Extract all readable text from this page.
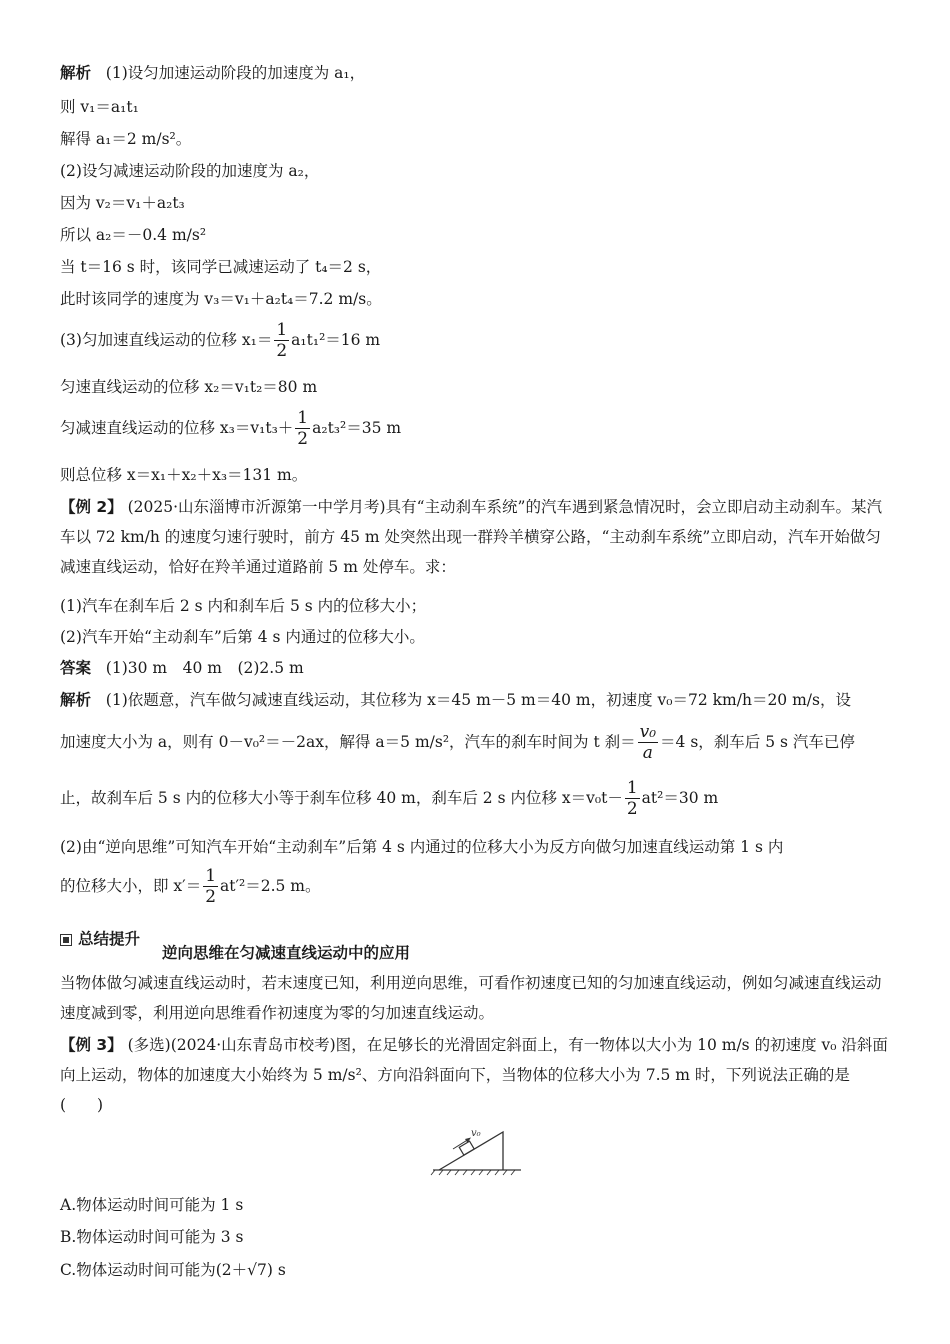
解析 (1)设匀加速运动阶段的加速度为 a₁，
则 v₁＝a₁t₁
解得 a₁＝2 m/s²。
(2)设匀减速运动阶段的加速度为 a₂，
因为 v₂＝v₁＋a₂t₃
所以 a₂＝－0.4 m/s²
当 t＝16 s 时，该同学已减速运动了 t₄＝2 s，
此时该同学的速度为 v₃＝v₁＋a₂t₄＝7.2 m/s。
(3)匀加速直线运动的位移 $x_1= \frac{1}{2} a_1t_1^2=16$ m
匀速直线运动的位移 x₂＝v₁t₂＝80 m
匀减速直线运动的位移 $x_3=v_1t_3+ \frac{1}{2} a_2t_3^2=35$ m
则总位移 x＝x₁＋x₂＋x₃＝131 m。
【例 2】 (2025·山东淄博市沂源第一中学月考)具有“主动刹车系统”的汽车遇到紧急情况时，会立即启动主动刹车。某汽车以 72 km/h 的速度匀速行驶时，前方 45 m 处突然出现一群羚羊横穿公路，“主动刹车系统”立即启动，汽车开始做匀减速直线运动，恰好在羚羊通过道路前 5 m 处停车。求：
(1)汽车在刹车后 2 s 内和刹车后 5 s 内的位移大小；
(2)汽车开始“主动刹车”后第 4 s 内通过的位移大小。
答案 (1)30 m　40 m　(2)2.5 m
解析 (1)依题意，汽车做匀减速直线运动，其位移为 x＝45 m－5 m＝40 m，初速度 v₀＝72 km/h＝20 m/s，设
加速度大小为 a，则有 0－v₀²＝－2ax，解得 a＝5 m/s²，汽车的刹车时间为 t 刹＝ $\frac{\text{v₀}}{a} =4$ s，刹车后 5 s 汽车已停
止，故刹车后 5 s 内的位移大小等于刹车位移 40 m，刹车后 2 s 内位移 $x=v_0t- \frac{1}{2} at^2=30$ m
(2)由“逆向思维”可知汽车开始“主动刹车”后第 4 s 内通过的位移大小为反方向做匀加速直线运动第 1 s 内
的位移大小，即 $x'= \frac{1}{2} at'^2=2.5$ m。
总结提升
逆向思维在匀减速直线运动中的应用
当物体做匀减速直线运动时，若末速度已知，利用逆向思维，可看作初速度已知的匀加速直线运动，例如匀减速直线运动速度减到零，利用逆向思维看作初速度为零的匀加速直线运动。
【例 3】 (多选)(2024·山东青岛市校考)图，在足够长的光滑固定斜面上，有一物体以大小为 10 m/s 的初速度 v₀ 沿斜面向上运动，物体的加速度大小始终为 5 m/s²、方向沿斜面向下，当物体的位移大小为 7.5 m 时，下列说法正确的是(　　)
v₀
A.物体运动时间可能为 1 s
B.物体运动时间可能为 3 s
C.物体运动时间可能为(2＋√7) s
